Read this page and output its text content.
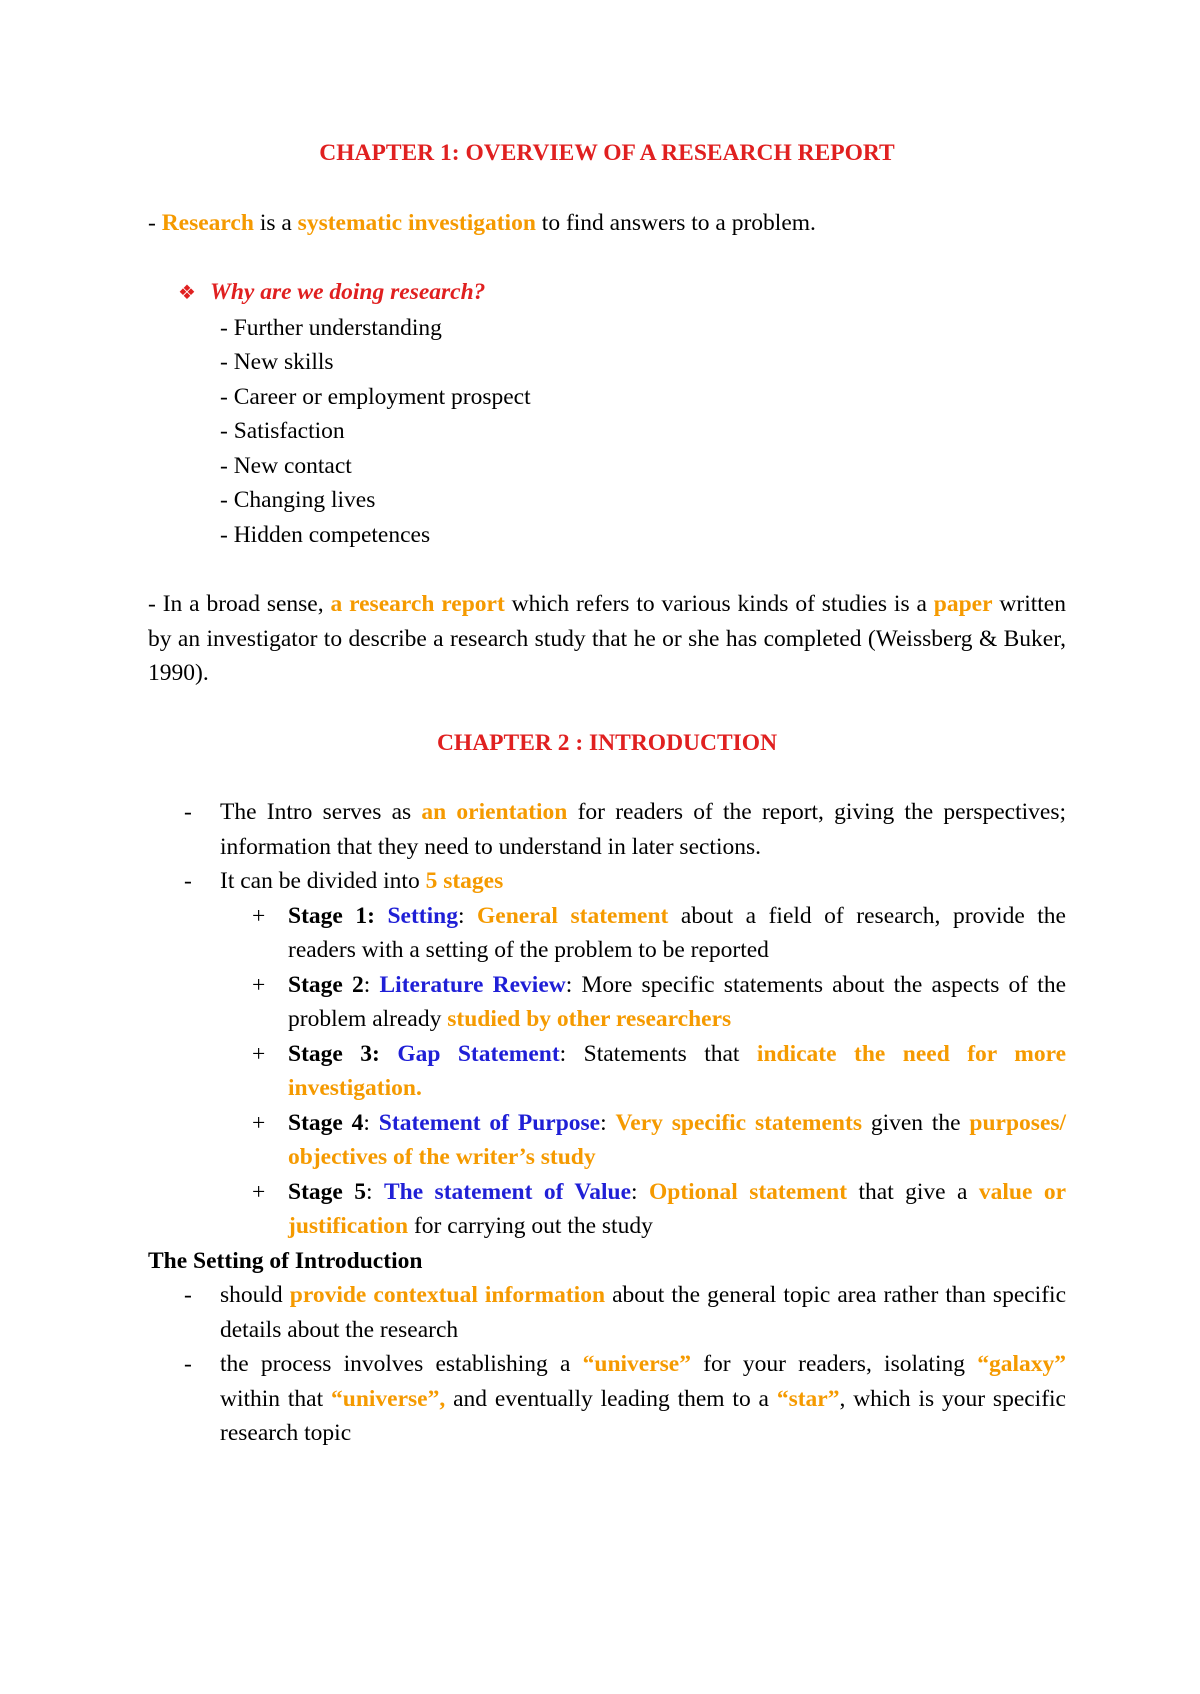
CHAPTER 1: OVERVIEW OF A RESEARCH REPORT

- Research is a systematic investigation to find answers to a problem.

❖ Why are we doing research?
- Further understanding
- New skills
- Career or employment prospect
- Satisfaction
- New contact
- Changing lives
- Hidden competences

- In a broad sense, a research report which refers to various kinds of studies is a paper written by an investigator to describe a research study that he or she has completed (Weissberg & Buker, 1990).

CHAPTER 2 : INTRODUCTION

- The Intro serves as an orientation for readers of the report, giving the perspectives; information that they need to understand in later sections.
- It can be divided into 5 stages
+ Stage 1: Setting: General statement about a field of research, provide the readers with a setting of the problem to be reported
+ Stage 2: Literature Review: More specific statements about the aspects of the problem already studied by other researchers
+ Stage 3: Gap Statement: Statements that indicate the need for more investigation.
+ Stage 4: Statement of Purpose: Very specific statements given the purposes/ objectives of the writer’s study
+ Stage 5: The statement of Value: Optional statement that give a value or justification for carrying out the study

The Setting of Introduction

- should provide contextual information about the general topic area rather than specific details about the research
- the process involves establishing a “universe” for your readers, isolating “galaxy” within that “universe”, and eventually leading them to a “star”, which is your specific research topic
